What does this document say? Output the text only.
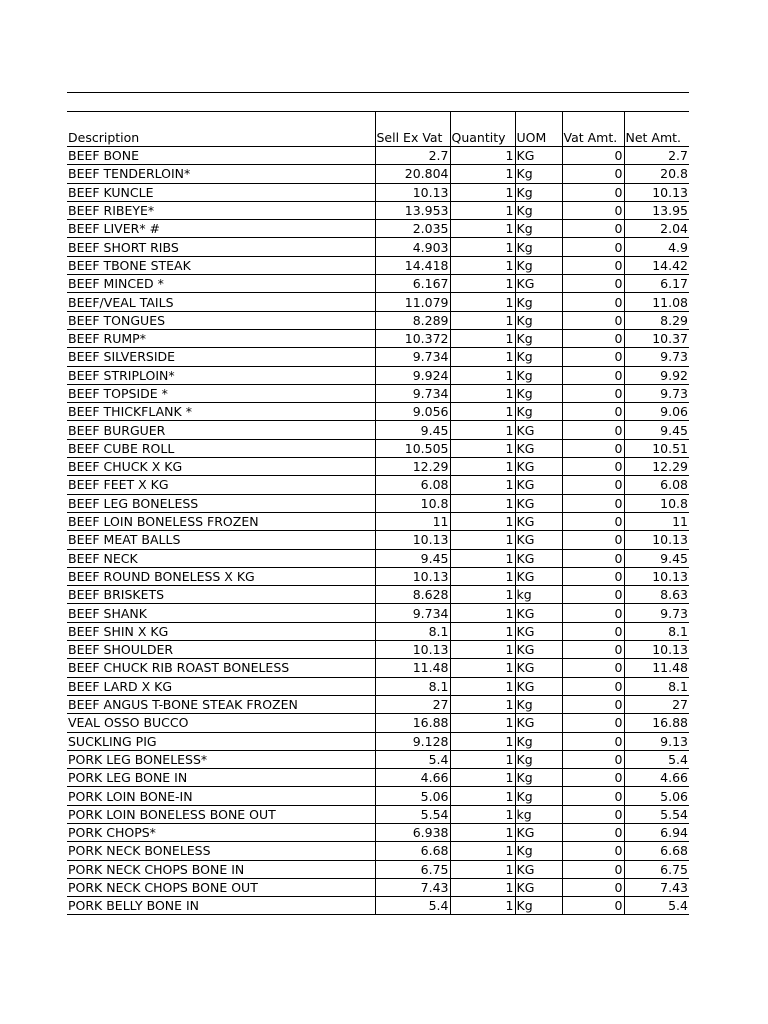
Description	Sell Ex Vat	Quantity	UOM	Vat Amt.	Net Amt.
BEEF BONE	2.7	1	KG	0	2.7
BEEF TENDERLOIN*	20.804	1	Kg	0	20.8
BEEF KUNCLE	10.13	1	Kg	0	10.13
BEEF RIBEYE*	13.953	1	Kg	0	13.95
BEEF LIVER* #	2.035	1	Kg	0	2.04
BEEF SHORT RIBS	4.903	1	Kg	0	4.9
BEEF TBONE STEAK	14.418	1	Kg	0	14.42
BEEF MINCED *	6.167	1	KG	0	6.17
BEEF/VEAL TAILS	11.079	1	Kg	0	11.08
BEEF TONGUES	8.289	1	Kg	0	8.29
BEEF RUMP*	10.372	1	Kg	0	10.37
BEEF SILVERSIDE	9.734	1	Kg	0	9.73
BEEF STRIPLOIN*	9.924	1	Kg	0	9.92
BEEF TOPSIDE *	9.734	1	Kg	0	9.73
BEEF THICKFLANK *	9.056	1	Kg	0	9.06
BEEF BURGUER	9.45	1	KG	0	9.45
BEEF CUBE ROLL	10.505	1	KG	0	10.51
BEEF CHUCK X KG	12.29	1	KG	0	12.29
BEEF FEET X KG	6.08	1	KG	0	6.08
BEEF LEG BONELESS	10.8	1	KG	0	10.8
BEEF LOIN BONELESS FROZEN	11	1	KG	0	11
BEEF MEAT BALLS	10.13	1	KG	0	10.13
BEEF NECK	9.45	1	KG	0	9.45
BEEF ROUND BONELESS X KG	10.13	1	KG	0	10.13
BEEF BRISKETS	8.628	1	kg	0	8.63
BEEF SHANK	9.734	1	KG	0	9.73
BEEF SHIN X KG	8.1	1	KG	0	8.1
BEEF SHOULDER	10.13	1	KG	0	10.13
BEEF CHUCK RIB ROAST BONELESS	11.48	1	KG	0	11.48
BEEF LARD X KG	8.1	1	KG	0	8.1
BEEF ANGUS T-BONE STEAK FROZEN	27	1	Kg	0	27
VEAL OSSO BUCCO	16.88	1	KG	0	16.88
SUCKLING PIG	9.128	1	Kg	0	9.13
PORK LEG BONELESS*	5.4	1	Kg	0	5.4
PORK LEG BONE IN	4.66	1	Kg	0	4.66
PORK LOIN BONE-IN	5.06	1	Kg	0	5.06
PORK LOIN BONELESS BONE OUT	5.54	1	kg	0	5.54
PORK CHOPS*	6.938	1	KG	0	6.94
PORK NECK BONELESS	6.68	1	Kg	0	6.68
PORK NECK CHOPS BONE IN	6.75	1	KG	0	6.75
PORK NECK CHOPS BONE OUT	7.43	1	KG	0	7.43
PORK BELLY BONE IN	5.4	1	Kg	0	5.4
